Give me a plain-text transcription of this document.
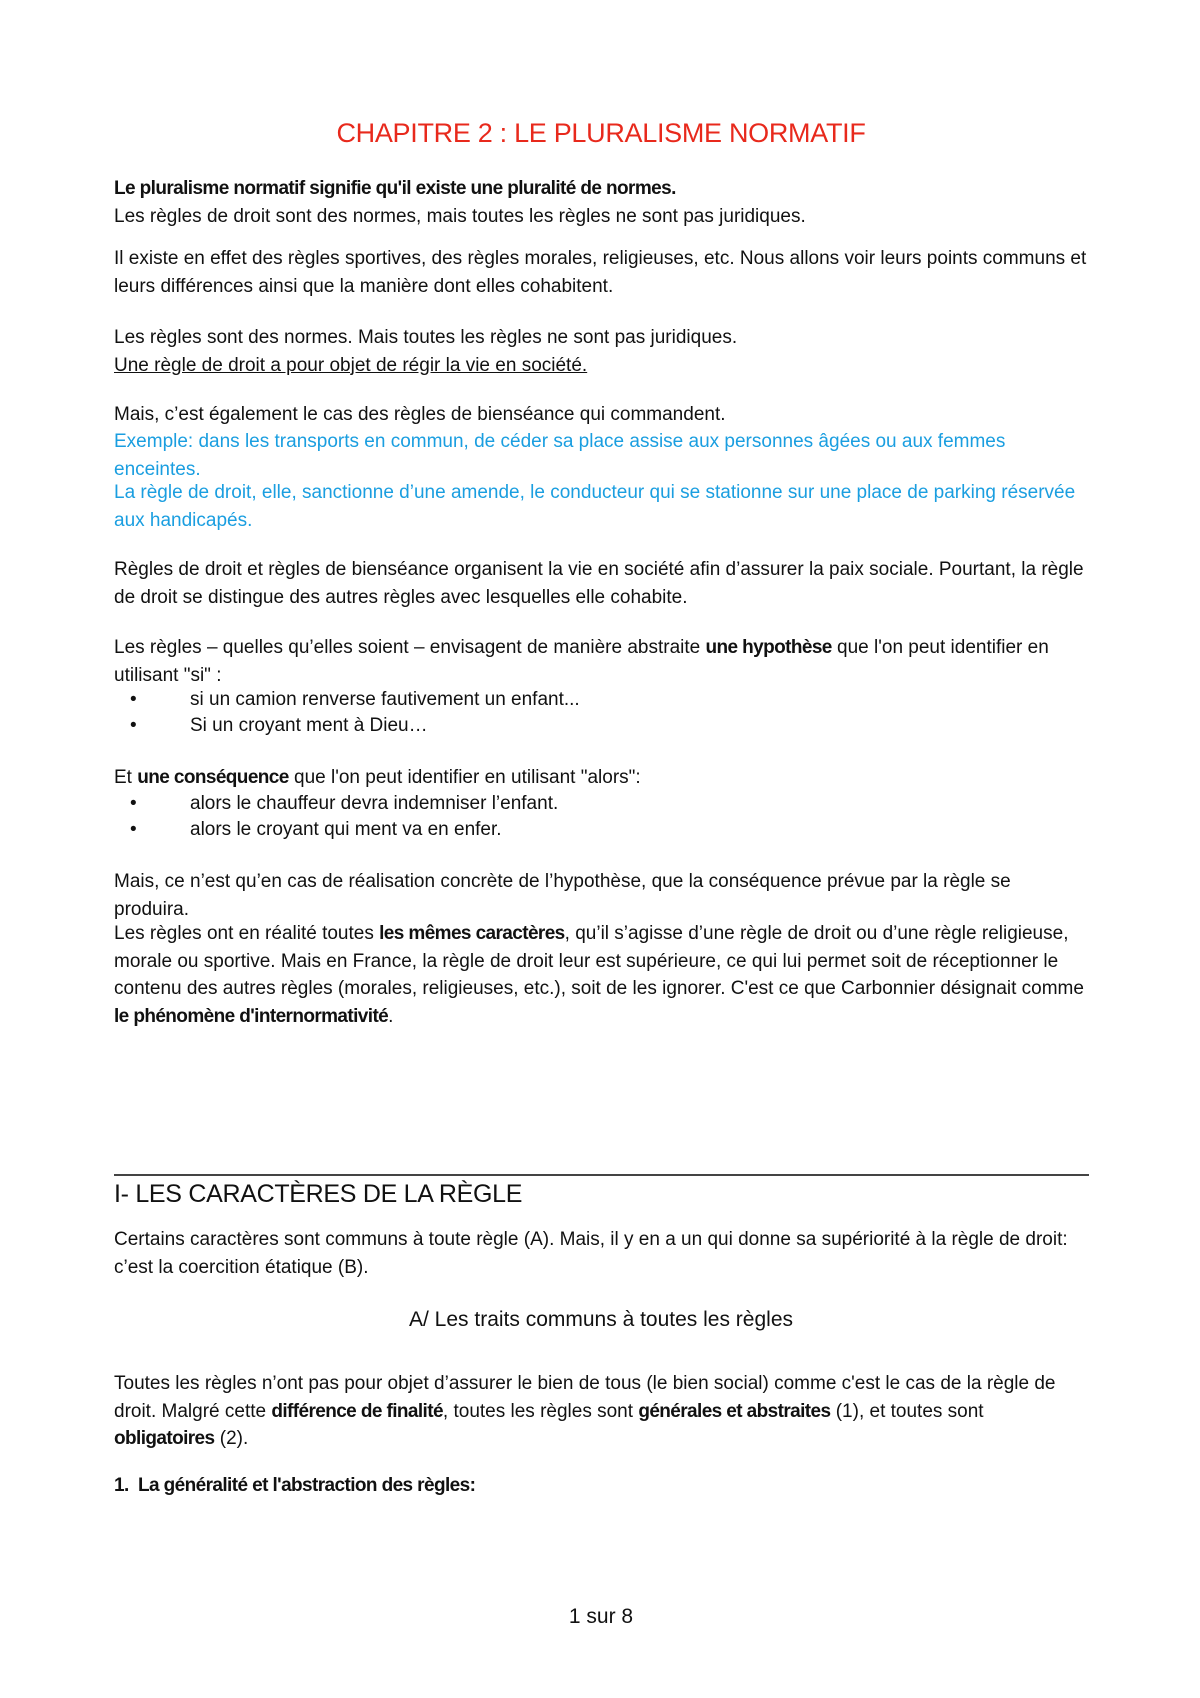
CHAPITRE 2 : LE PLURALISME NORMATIF

Le pluralisme normatif signifie qu'il existe une pluralité de normes.
Les règles de droit sont des normes, mais toutes les règles ne sont pas juridiques.

Il existe en effet des règles sportives, des règles morales, religieuses, etc. Nous allons voir leurs points communs et leurs différences ainsi que la manière dont elles cohabitent.

Les règles sont des normes. Mais toutes les règles ne sont pas juridiques.
Une règle de droit a pour objet de régir la vie en société.

Mais, c’est également le cas des règles de bienséance qui commandent.

Exemple: dans les transports en commun, de céder sa place assise aux personnes âgées ou aux femmes enceintes.

La règle de droit, elle, sanctionne d’une amende, le conducteur qui se stationne sur une place de parking réservée aux handicapés.

Règles de droit et règles de bienséance organisent la vie en société afin d’assurer la paix sociale. Pourtant, la règle de droit se distingue des autres règles avec lesquelles elle cohabite.

Les règles – quelles qu’elles soient – envisagent de manière abstraite une hypothèse que l'on peut identifier en utilisant "si" :

•	si un camion renverse fautivement un enfant...
•	Si un croyant ment à Dieu…

Et une conséquence que l'on peut identifier en utilisant "alors":

•	alors le chauffeur devra indemniser l’enfant.
•	alors le croyant qui ment va en enfer.

Mais, ce n’est qu’en cas de réalisation concrète de l’hypothèse, que la conséquence prévue par la règle se produira.

Les règles ont en réalité toutes les mêmes caractères, qu’il s’agisse d’une règle de droit ou d’une règle religieuse, morale ou sportive. Mais en France, la règle de droit leur est supérieure, ce qui lui permet soit de réceptionner le contenu des autres règles (morales, religieuses, etc.), soit de les ignorer. C'est ce que Carbonnier désignait comme le phénomène d'internormativité.

I- LES CARACTÈRES DE LA RÈGLE

Certains caractères sont communs à toute règle (A). Mais, il y en a un qui donne sa supériorité à la règle de droit: c’est la coercition étatique (B).

A/ Les traits communs à toutes les règles

Toutes les règles n’ont pas pour objet d’assurer le bien de tous (le bien social) comme c'est le cas de la règle de droit. Malgré cette différence de finalité, toutes les règles sont générales et abstraites (1), et toutes sont obligatoires (2).

1. La généralité et l'abstraction des règles:
1 sur 8
